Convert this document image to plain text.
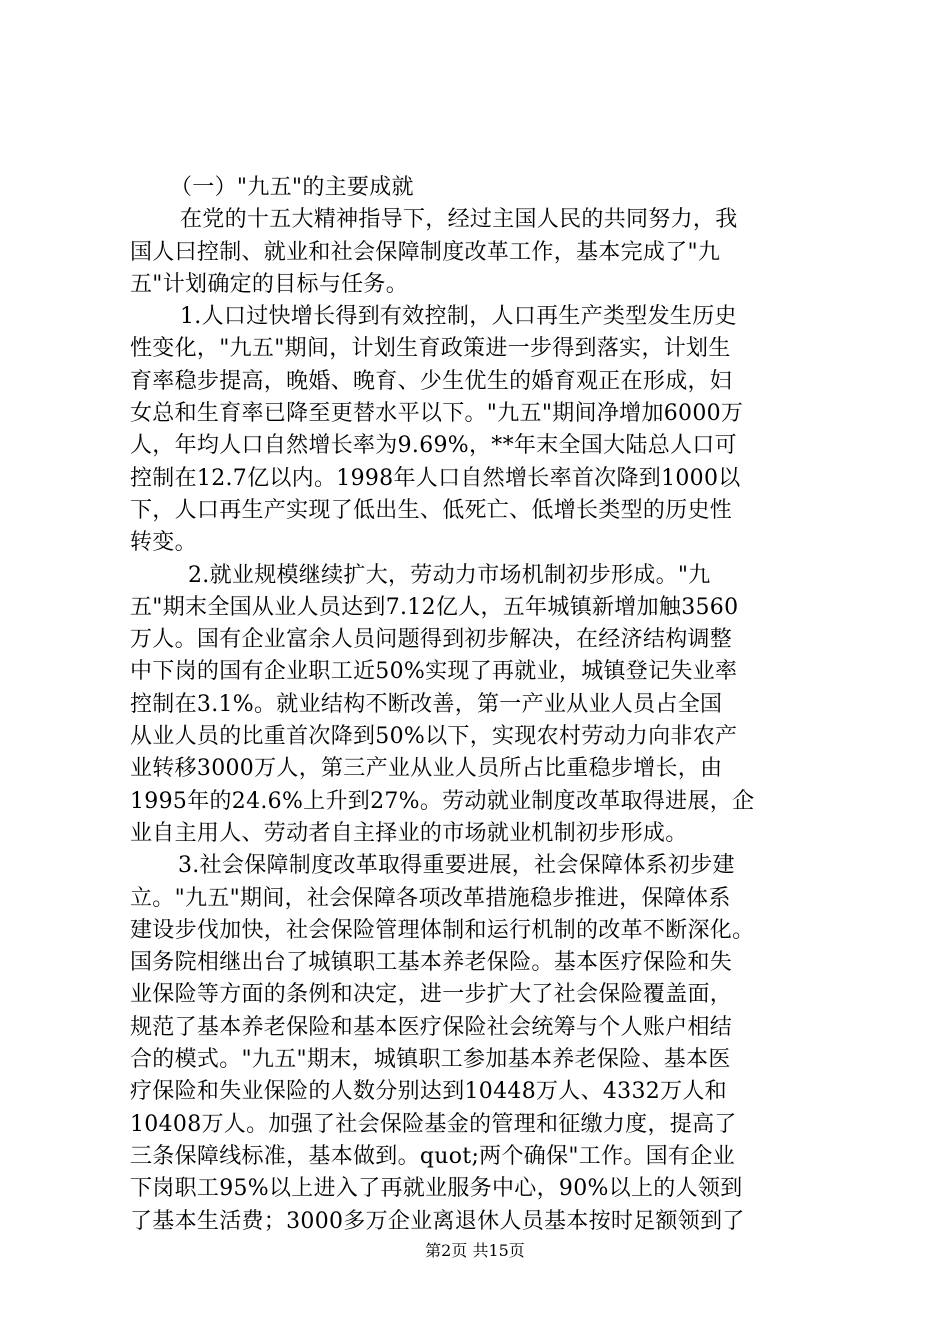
（一）"九五"的主要成就
在党的十五大精神指导下，经过主国人民的共同努力，我
国人曰控制、就业和社会保障制度改革工作，基本完成了"九
五"计划确定的目标与任务。
1.人口过快增长得到有效控制，人口再生产类型发生历史
性变化，"九五"期间，计划生育政策进一步得到落实，计划生
育率稳步提高，晚婚、晚育、少生优生的婚育观正在形成，妇
女总和生育率已降至更替水平以下。"九五"期间净增加6000万
人，年均人口自然增长率为9.69%，**年末全国大陆总人口可
控制在12.7亿以内。1998年人口自然增长率首次降到1000以
下，人口再生产实现了低出生、低死亡、低增长类型的历史性
转变。
2.就业规模继续扩大，劳动力市场机制初步形成。"九
五"期末全国从业人员达到7.12亿人，五年城镇新增加触3560
万人。国有企业富余人员问题得到初步解决，在经济结构调整
中下岗的国有企业职工近50%实现了再就业，城镇登记失业率
控制在3.1%。就业结构不断改善，第一产业从业人员占全国
从业人员的比重首次降到50%以下，实现农村劳动力向非农产
业转移3000万人，第三产业从业人员所占比重稳步增长，由
1995年的24.6%上升到27%。劳动就业制度改革取得进展，企
业自主用人、劳动者自主择业的市场就业机制初步形成。
3.社会保障制度改革取得重要进展，社会保障体系初步建
立。"九五"期间，社会保障各项改革措施稳步推进，保障体系
建设步伐加快，社会保险管理体制和运行机制的改革不断深化。
国务院相继出台了城镇职工基本养老保险。基本医疗保险和失
业保险等方面的条例和决定，进一步扩大了社会保险覆盖面，
规范了基本养老保险和基本医疗保险社会统筹与个人账户相结
合的模式。"九五"期末，城镇职工参加基本养老保险、基本医
疗保险和失业保险的人数分别达到10448万人、4332万人和
10408万人。加强了社会保险基金的管理和征缴力度，提高了
三条保障线标准，基本做到。quot;两个确保"工作。国有企业
下岗职工95%以上进入了再就业服务中心，90%以上的人领到
了基本生活费；3000多万企业离退休人员基本按时足额领到了
第2页 共15页
